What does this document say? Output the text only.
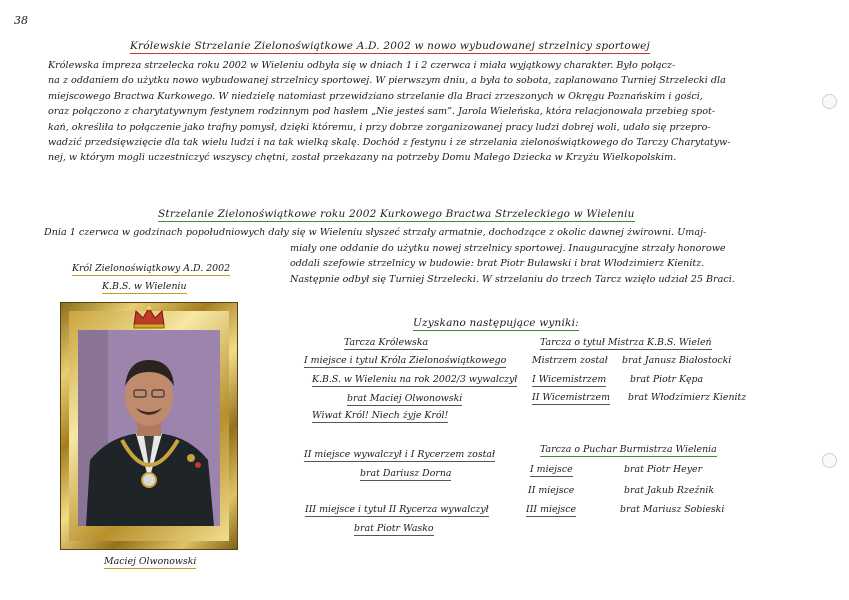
38
Królewskie Strzelanie Zielonoświątkowe A.D. 2002 w nowo wybudowanej strzelnicy sportowej
Królewska impreza strzelecka roku 2002 w Wieleniu odbyła się w dniach 1 i 2 czerwca i miała wyjątkowy charakter. Było połącz-
na z oddaniem do użytku nowo wybudowanej strzelnicy sportowej. W pierwszym dniu, a była to sobota, zaplanowano Turniej Strzelecki dla
miejscowego Bractwa Kurkowego. W niedzielę natomiast przewidziano strzelanie dla Braci zrzeszonych w Okręgu Poznańskim i gości,
oraz połączono z charytatywnym festynem rodzinnym pod hasłem „Nie jesteś sam”. Jarola Wieleńska, która relacjonowała przebieg spot-
kań, określiła to połączenie jako trafny pomysł, dzięki któremu, i przy dobrze zorganizowanej pracy ludzi dobrej woli, udało się przepro-
wadzić przedsięwzięcie dla tak wielu ludzi i na tak wielką skalę. Dochód z festynu i ze strzelania zielonoświątkowego do Tarczy Charytatyw-
nej, w którym mogli uczestniczyć wszyscy chętni, został przekazany na potrzeby Domu Małego Dziecka w Krzyżu Wielkopolskim.
Strzelanie Zielonoświątkowe roku 2002 Kurkowego Bractwa Strzeleckiego w Wieleniu
Dnia 1 czerwca w godzinach popołudniowych dały się w Wieleniu słyszeć strzały armatnie, dochodzące z okolic dawnej żwirowni. Umaj-
miały one oddanie do użytku nowej strzelnicy sportowej. Inauguracyjne strzały honorowe
oddali szefowie strzelnicy w budowie: brat Piotr Buławski i brat Włodzimierz Kienitz.
Następnie odbył się Turniej Strzelecki. W strzelaniu do trzech Tarcz wzięło udział 25 Braci.
Król Zielonoświątkowy A.D. 2002
K.B.S. w Wieleniu
Maciej Olwonowski
Uzyskano następujące wyniki:
Tarcza Królewska
I miejsce i tytuł Króla Zielonoświątkowego
K.B.S. w Wieleniu na rok 2002/3 wywalczył
brat Maciej Olwonowski
Wiwat Król! Niech żyje Król!
II miejsce wywalczył i I Rycerzem został
brat Dariusz Dorna
III miejsce i tytuł II Rycerza wywalczył
brat Piotr Wasko
Tarcza o tytuł Mistrza K.B.S. Wieleń
Mistrzem został brat Janusz Białostocki
I Wicemistrzem	brat Piotr Kępa
II Wicemistrzem brat Włodzimierz Kienitz
Tarcza o Puchar Burmistrza Wielenia
I miejsce	brat Piotr Heyer
II miejsce	brat Jakub Rzeźnik
III miejsce	brat Mariusz Sobieski
